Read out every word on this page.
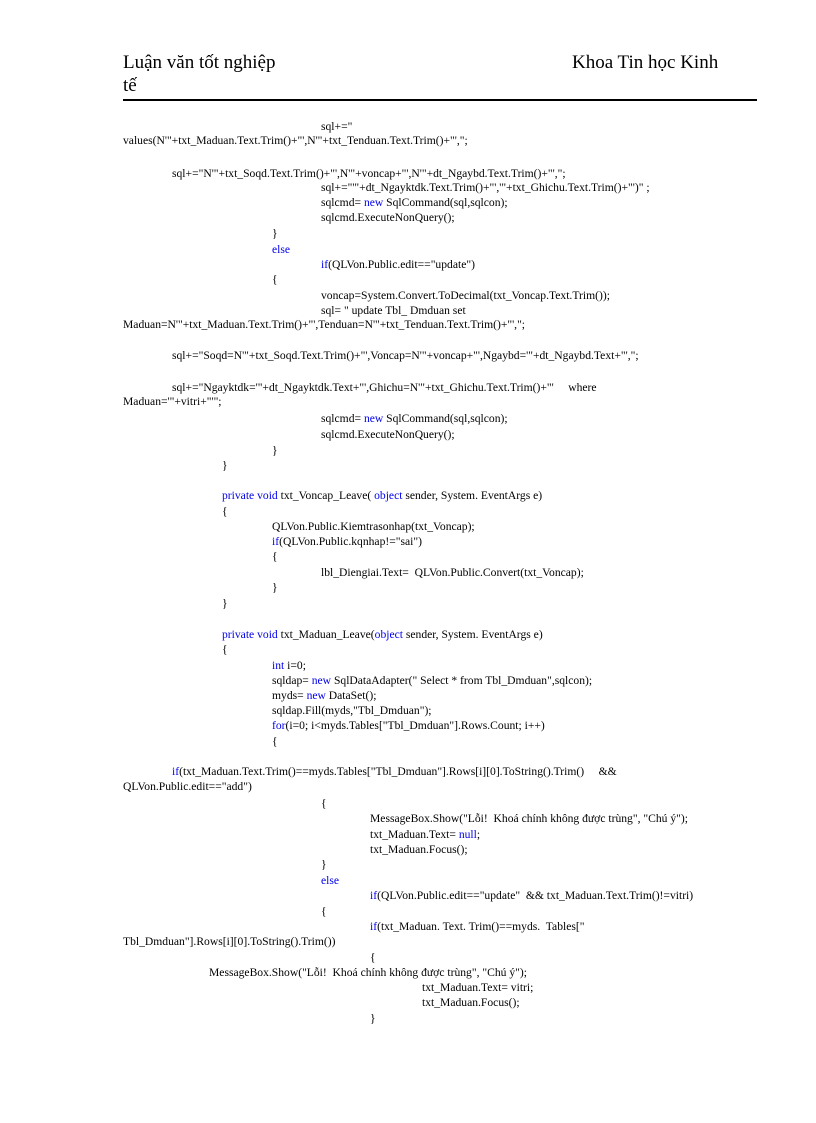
Luận văn tốt nghiệp
tế
Khoa Tin học Kinh
sql+="
values(N'"+txt_Maduan.Text.Trim()+"',N'"+txt_Tenduan.Text.Trim()+"',";
sql+="N'"+txt_Soqd.Text.Trim()+"',N'"+voncap+"',N'"+dt_Ngaybd.Text.Trim()+"',";
sql+="'"+dt_Ngayktdk.Text.Trim()+"','"+txt_Ghichu.Text.Trim()+"')" ;
sqlcmd= new SqlCommand(sql,sqlcon);
sqlcmd.ExecuteNonQuery();
}
else
if(QLVon.Public.edit=="update")
{
voncap=System.Convert.ToDecimal(txt_Voncap.Text.Trim());
sql= " update Tbl_ Dmduan set
Maduan=N'"+txt_Maduan.Text.Trim()+"',Tenduan=N'"+txt_Tenduan.Text.Trim()+"',";
sql+="Soqd=N'"+txt_Soqd.Text.Trim()+"',Voncap=N'"+voncap+"',Ngaybd='"+dt_Ngaybd.Text+"',";
sql+="Ngayktdk='"+dt_Ngayktdk.Text+"',Ghichu=N'"+txt_Ghichu.Text.Trim()+"'     where
Maduan='"+vitri+"'";
sqlcmd= new SqlCommand(sql,sqlcon);
sqlcmd.ExecuteNonQuery();
}
}
private void txt_Voncap_Leave( object sender, System. EventArgs e)
{
QLVon.Public.Kiemtrasonhap(txt_Voncap);
if(QLVon.Public.kqnhap!="sai")
{
lbl_Diengiai.Text=  QLVon.Public.Convert(txt_Voncap);
}
}
private void txt_Maduan_Leave(object sender, System. EventArgs e)
{
int i=0;
sqldap= new SqlDataAdapter(" Select * from Tbl_Dmduan",sqlcon);
myds= new DataSet();
sqldap.Fill(myds,"Tbl_Dmduan");
for(i=0; i<myds.Tables["Tbl_Dmduan"].Rows.Count; i++)
{
if(txt_Maduan.Text.Trim()==myds.Tables["Tbl_Dmduan"].Rows[i][0].ToString().Trim()     &&
QLVon.Public.edit=="add")
{
MessageBox.Show("Lỗi!  Khoá chính không được trùng", "Chú ý");
txt_Maduan.Text= null;
txt_Maduan.Focus();
}
else
if(QLVon.Public.edit=="update"  && txt_Maduan.Text.Trim()!=vitri)
{
if(txt_Maduan. Text. Trim()==myds.  Tables["
Tbl_Dmduan"].Rows[i][0].ToString().Trim())
{
MessageBox.Show("Lỗi!  Khoá chính không được trùng", "Chú ý");
txt_Maduan.Text= vitri;
txt_Maduan.Focus();
}
